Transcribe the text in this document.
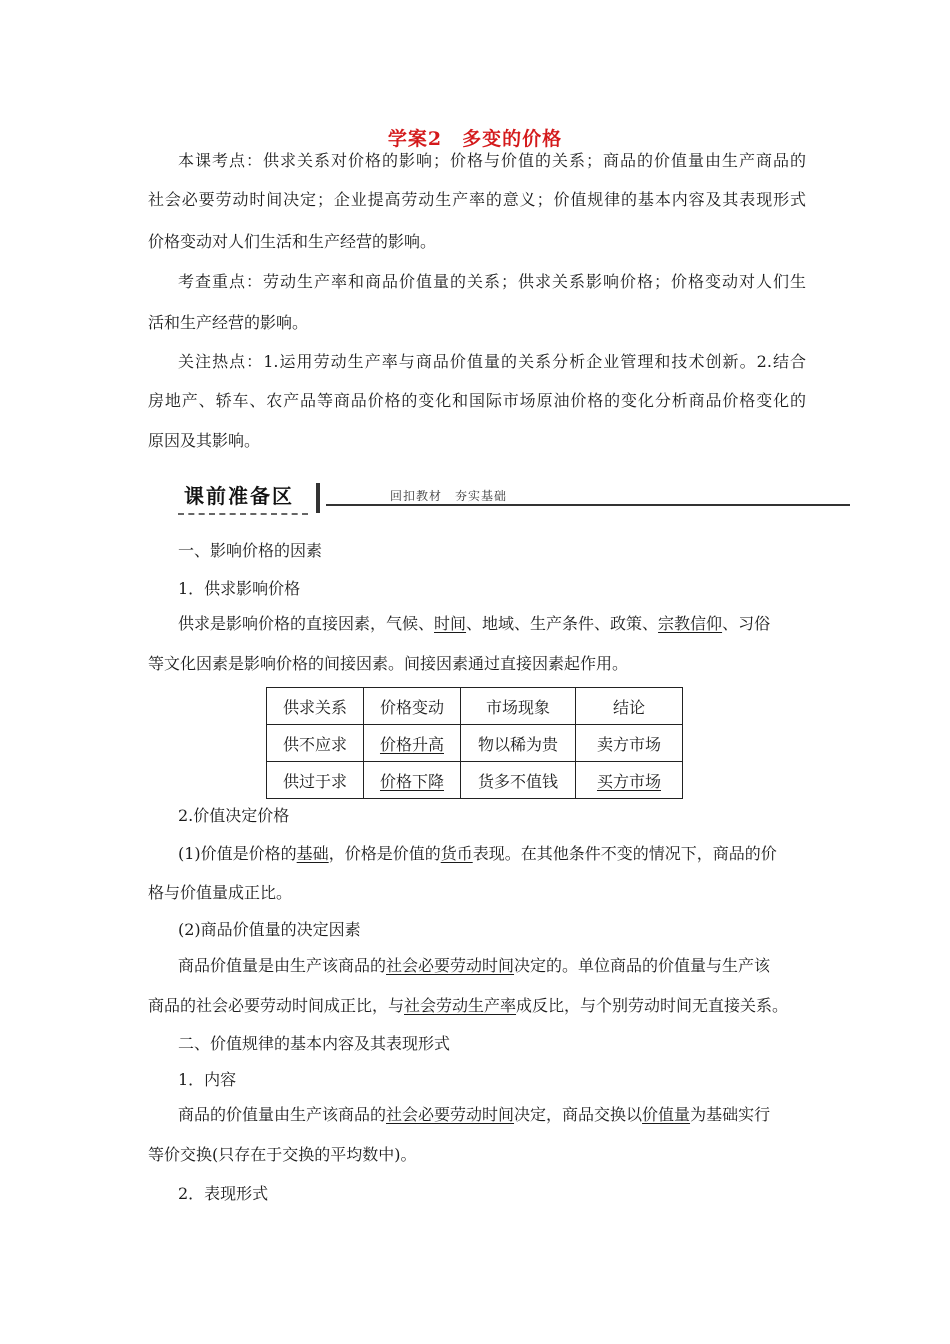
学案2　多变的价格
本课考点：供求关系对价格的影响；价格与价值的关系；商品的价值量由生产商品的
社会必要劳动时间决定；企业提高劳动生产率的意义；价值规律的基本内容及其表现形式
价格变动对人们生活和生产经营的影响。
考查重点：劳动生产率和商品价值量的关系；供求关系影响价格；价格变动对人们生
活和生产经营的影响。
关注热点：1.运用劳动生产率与商品价值量的关系分析企业管理和技术创新。2.结合
房地产、轿车、农产品等商品价格的变化和国际市场原油价格的变化分析商品价格变化的
原因及其影响。
课前准备区	回扣教材　夯实基础
一、影响价格的因素
1．供求影响价格
供求是影响价格的直接因素，气候、时间、地域、生产条件、政策、宗教信仰、习俗
等文化因素是影响价格的间接因素。间接因素通过直接因素起作用。
供求关系	价格变动	市场现象	结论
供不应求	价格升高	物以稀为贵	卖方市场
供过于求	价格下降	货多不值钱	买方市场
2.价值决定价格
(1)价值是价格的基础，价格是价值的货币表现。在其他条件不变的情况下，商品的价
格与价值量成正比。
(2)商品价值量的决定因素
商品价值量是由生产该商品的社会必要劳动时间决定的。单位商品的价值量与生产该
商品的社会必要劳动时间成正比，与社会劳动生产率成反比，与个别劳动时间无直接关系。
二、价值规律的基本内容及其表现形式
1．内容
商品的价值量由生产该商品的社会必要劳动时间决定，商品交换以价值量为基础实行
等价交换(只存在于交换的平均数中)。
2．表现形式
